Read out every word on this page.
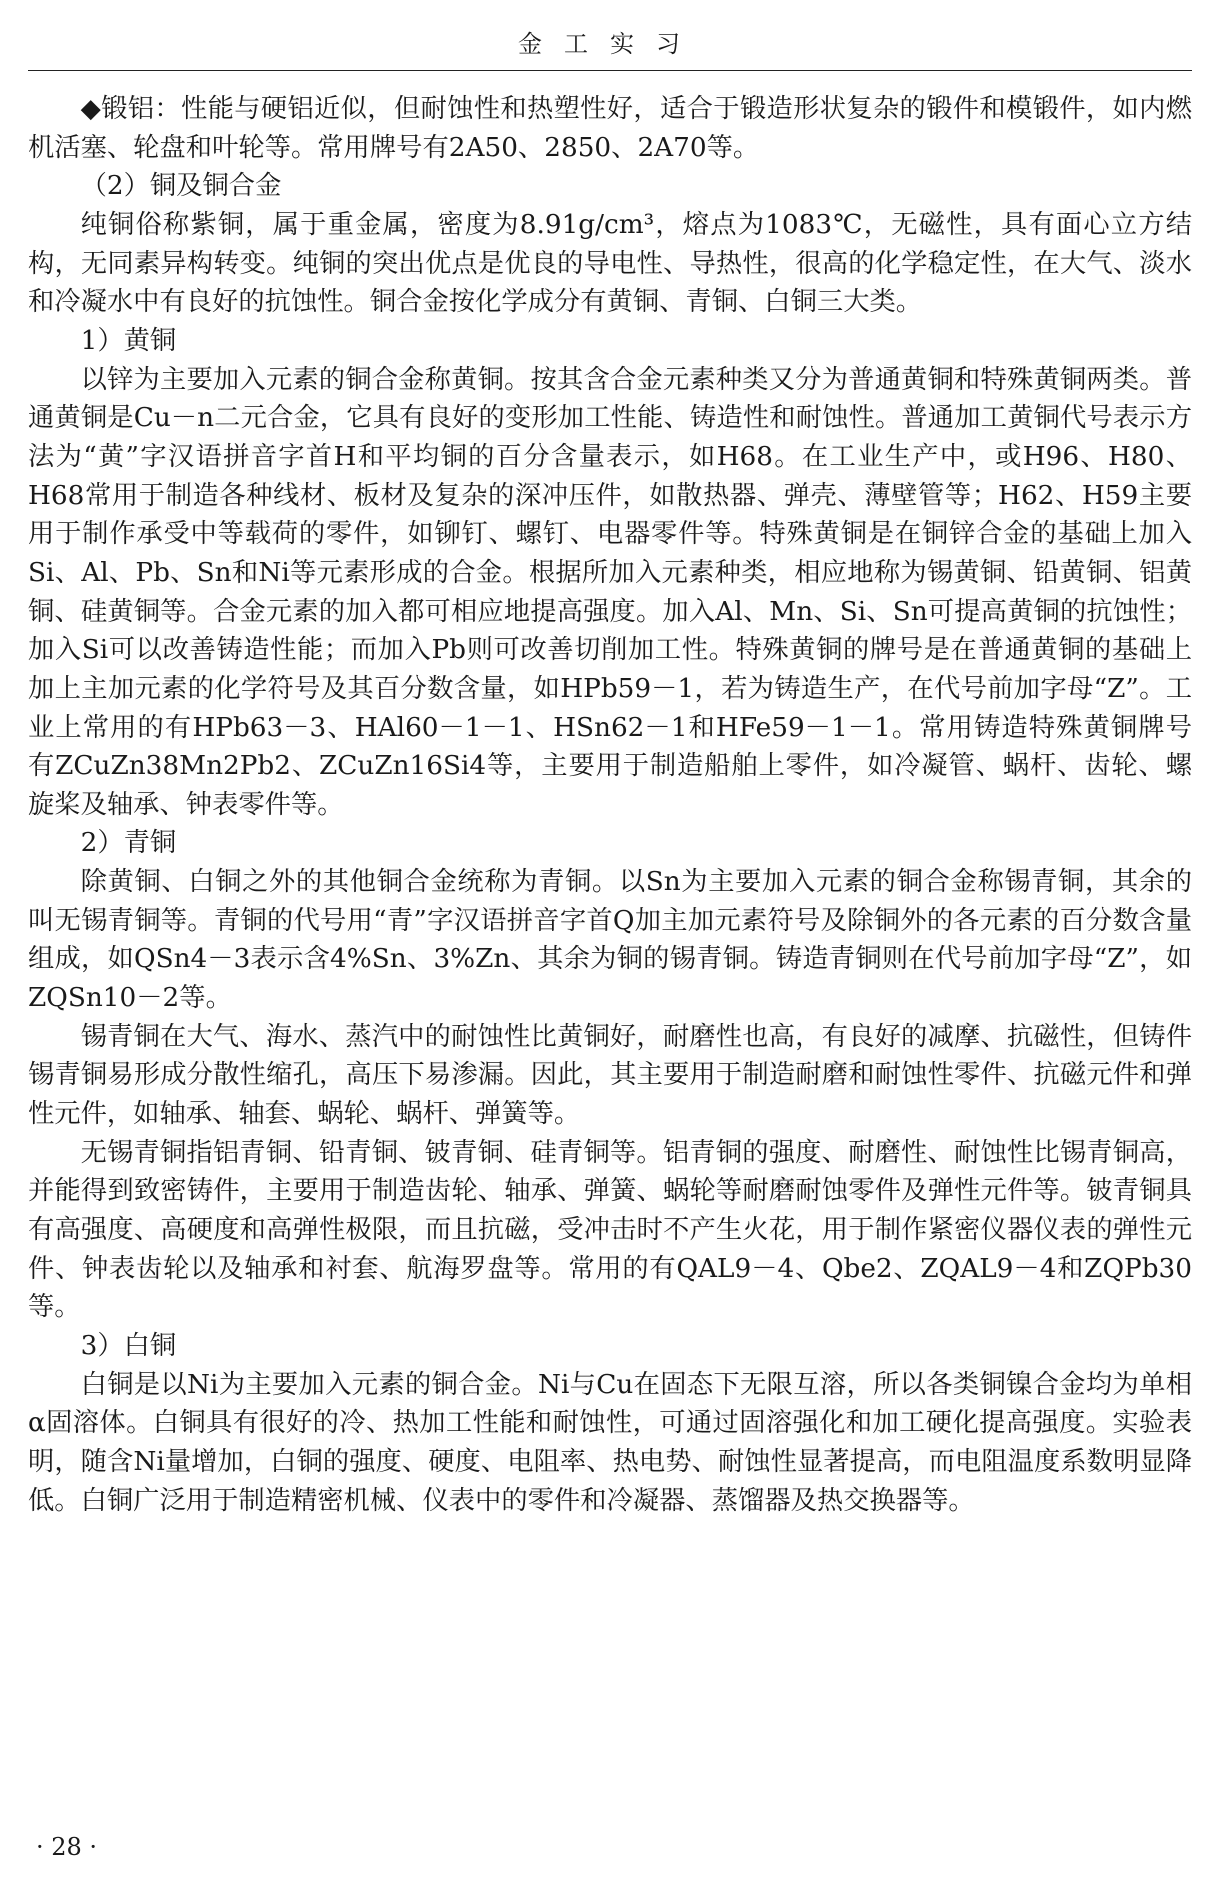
金工实习

◆锻铝：性能与硬铝近似，但耐蚀性和热塑性好，适合于锻造形状复杂的锻件和模锻件，如内燃机活塞、轮盘和叶轮等。常用牌号有2A50、2850、2A70等。

（2）铜及铜合金

纯铜俗称紫铜，属于重金属，密度为8.91g/cm³，熔点为1083℃，无磁性，具有面心立方结构，无同素异构转变。纯铜的突出优点是优良的导电性、导热性，很高的化学稳定性，在大气、淡水和冷凝水中有良好的抗蚀性。铜合金按化学成分有黄铜、青铜、白铜三大类。

1）黄铜

以锌为主要加入元素的铜合金称黄铜。按其含合金元素种类又分为普通黄铜和特殊黄铜两类。普通黄铜是Cu－n二元合金，它具有良好的变形加工性能、铸造性和耐蚀性。普通加工黄铜代号表示方法为“黄”字汉语拼音字首H和平均铜的百分含量表示，如H68。在工业生产中，或H96、H80、H68常用于制造各种线材、板材及复杂的深冲压件，如散热器、弹壳、薄壁管等；H62、H59主要用于制作承受中等载荷的零件，如铆钉、螺钉、电器零件等。特殊黄铜是在铜锌合金的基础上加入Si、Al、Pb、Sn和Ni等元素形成的合金。根据所加入元素种类，相应地称为锡黄铜、铅黄铜、铝黄铜、硅黄铜等。合金元素的加入都可相应地提高强度。加入Al、Mn、Si、Sn可提高黄铜的抗蚀性；加入Si可以改善铸造性能；而加入Pb则可改善切削加工性。特殊黄铜的牌号是在普通黄铜的基础上加上主加元素的化学符号及其百分数含量，如HPb59－1，若为铸造生产，在代号前加字母“Z”。工业上常用的有HPb63－3、HAl60－1－1、HSn62－1和HFe59－1－1。常用铸造特殊黄铜牌号有ZCuZn38Mn2Pb2、ZCuZn16Si4等，主要用于制造船舶上零件，如冷凝管、蜗杆、齿轮、螺旋桨及轴承、钟表零件等。

2）青铜

除黄铜、白铜之外的其他铜合金统称为青铜。以Sn为主要加入元素的铜合金称锡青铜，其余的叫无锡青铜等。青铜的代号用“青”字汉语拼音字首Q加主加元素符号及除铜外的各元素的百分数含量组成，如QSn4－3表示含4%Sn、3%Zn、其余为铜的锡青铜。铸造青铜则在代号前加字母“Z”，如ZQSn10－2等。

锡青铜在大气、海水、蒸汽中的耐蚀性比黄铜好，耐磨性也高，有良好的减摩、抗磁性，但铸件锡青铜易形成分散性缩孔，高压下易渗漏。因此，其主要用于制造耐磨和耐蚀性零件、抗磁元件和弹性元件，如轴承、轴套、蜗轮、蜗杆、弹簧等。

无锡青铜指铝青铜、铅青铜、铍青铜、硅青铜等。铝青铜的强度、耐磨性、耐蚀性比锡青铜高，并能得到致密铸件，主要用于制造齿轮、轴承、弹簧、蜗轮等耐磨耐蚀零件及弹性元件等。铍青铜具有高强度、高硬度和高弹性极限，而且抗磁，受冲击时不产生火花，用于制作紧密仪器仪表的弹性元件、钟表齿轮以及轴承和衬套、航海罗盘等。常用的有QAL9－4、Qbe2、ZQAL9－4和ZQPb30等。

3）白铜

白铜是以Ni为主要加入元素的铜合金。Ni与Cu在固态下无限互溶，所以各类铜镍合金均为单相α固溶体。白铜具有很好的冷、热加工性能和耐蚀性，可通过固溶强化和加工硬化提高强度。实验表明，随含Ni量增加，白铜的强度、硬度、电阻率、热电势、耐蚀性显著提高，而电阻温度系数明显降低。白铜广泛用于制造精密机械、仪表中的零件和冷凝器、蒸馏器及热交换器等。

· 28 ·
